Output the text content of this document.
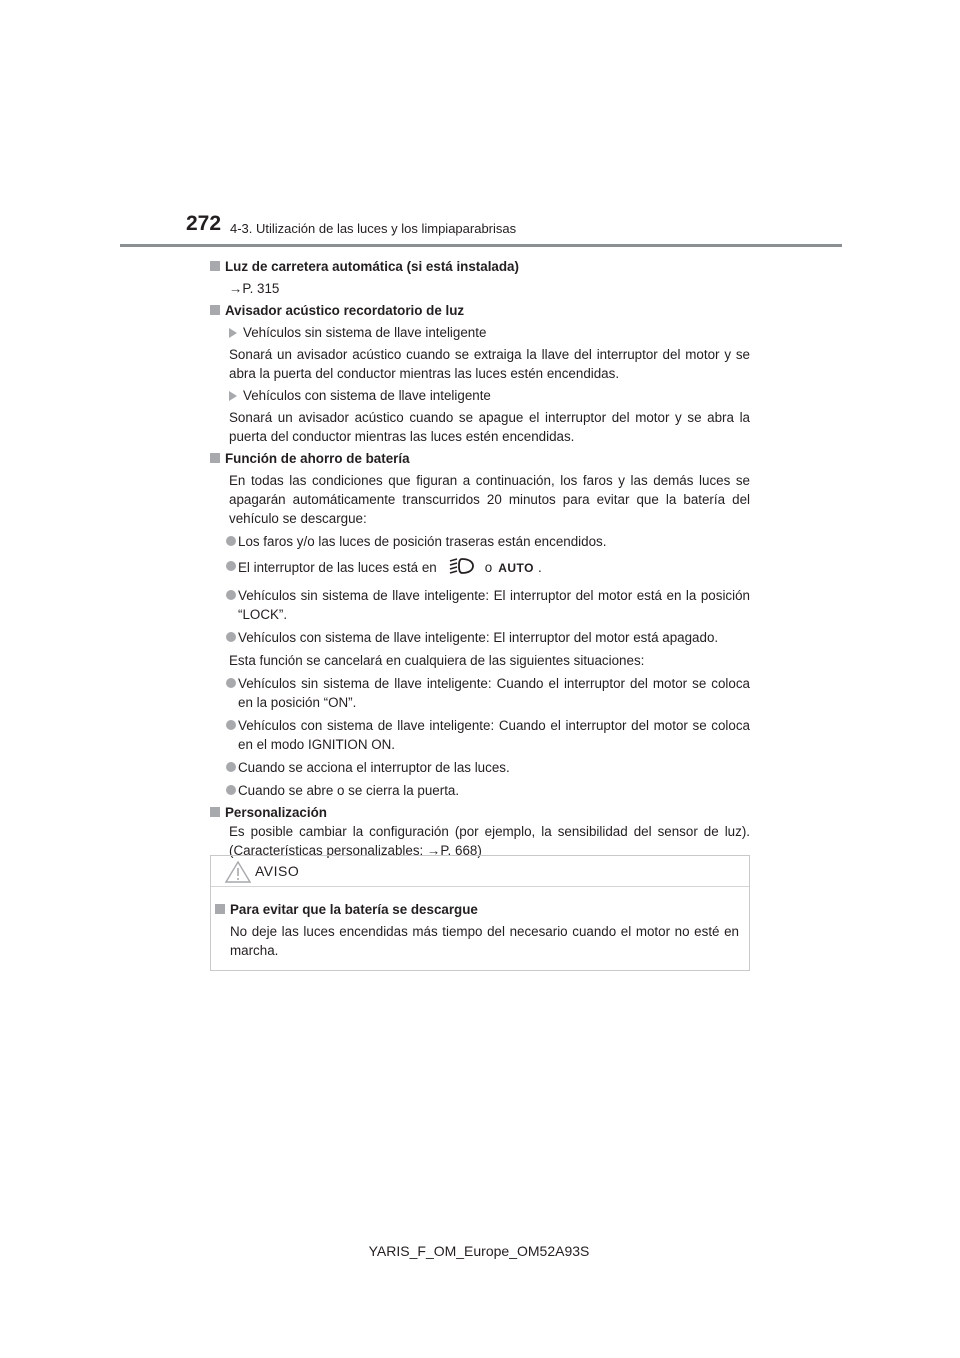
272 4-3. Utilización de las luces y los limpiaparabrisas
Luz de carretera automática (si está instalada)
→P. 315
Avisador acústico recordatorio de luz
Vehículos sin sistema de llave inteligente
Sonará un avisador acústico cuando se extraiga la llave del interruptor del motor y se abra la puerta del conductor mientras las luces estén encendidas.
Vehículos con sistema de llave inteligente
Sonará un avisador acústico cuando se apague el interruptor del motor y se abra la puerta del conductor mientras las luces estén encendidas.
Función de ahorro de batería
En todas las condiciones que figuran a continuación, los faros y las demás luces se apagarán automáticamente transcurridos 20 minutos para evitar que la batería del vehículo se descargue:
Los faros y/o las luces de posición traseras están encendidos.
El interruptor de las luces está en	o AUTO .
Vehículos sin sistema de llave inteligente: El interruptor del motor está en la posición “LOCK”.
Vehículos con sistema de llave inteligente: El interruptor del motor está apagado.
Esta función se cancelará en cualquiera de las siguientes situaciones:
Vehículos sin sistema de llave inteligente: Cuando el interruptor del motor se coloca en la posición “ON”.
Vehículos con sistema de llave inteligente: Cuando el interruptor del motor se coloca en el modo IGNITION ON.
Cuando se acciona el interruptor de las luces.
Cuando se abre o se cierra la puerta.
Personalización
Es posible cambiar la configuración (por ejemplo, la sensibilidad del sensor de luz). (Características personalizables: →P. 668)
AVISO
Para evitar que la batería se descargue
No deje las luces encendidas más tiempo del necesario cuando el motor no esté en marcha.
YARIS_F_OM_Europe_OM52A93S
